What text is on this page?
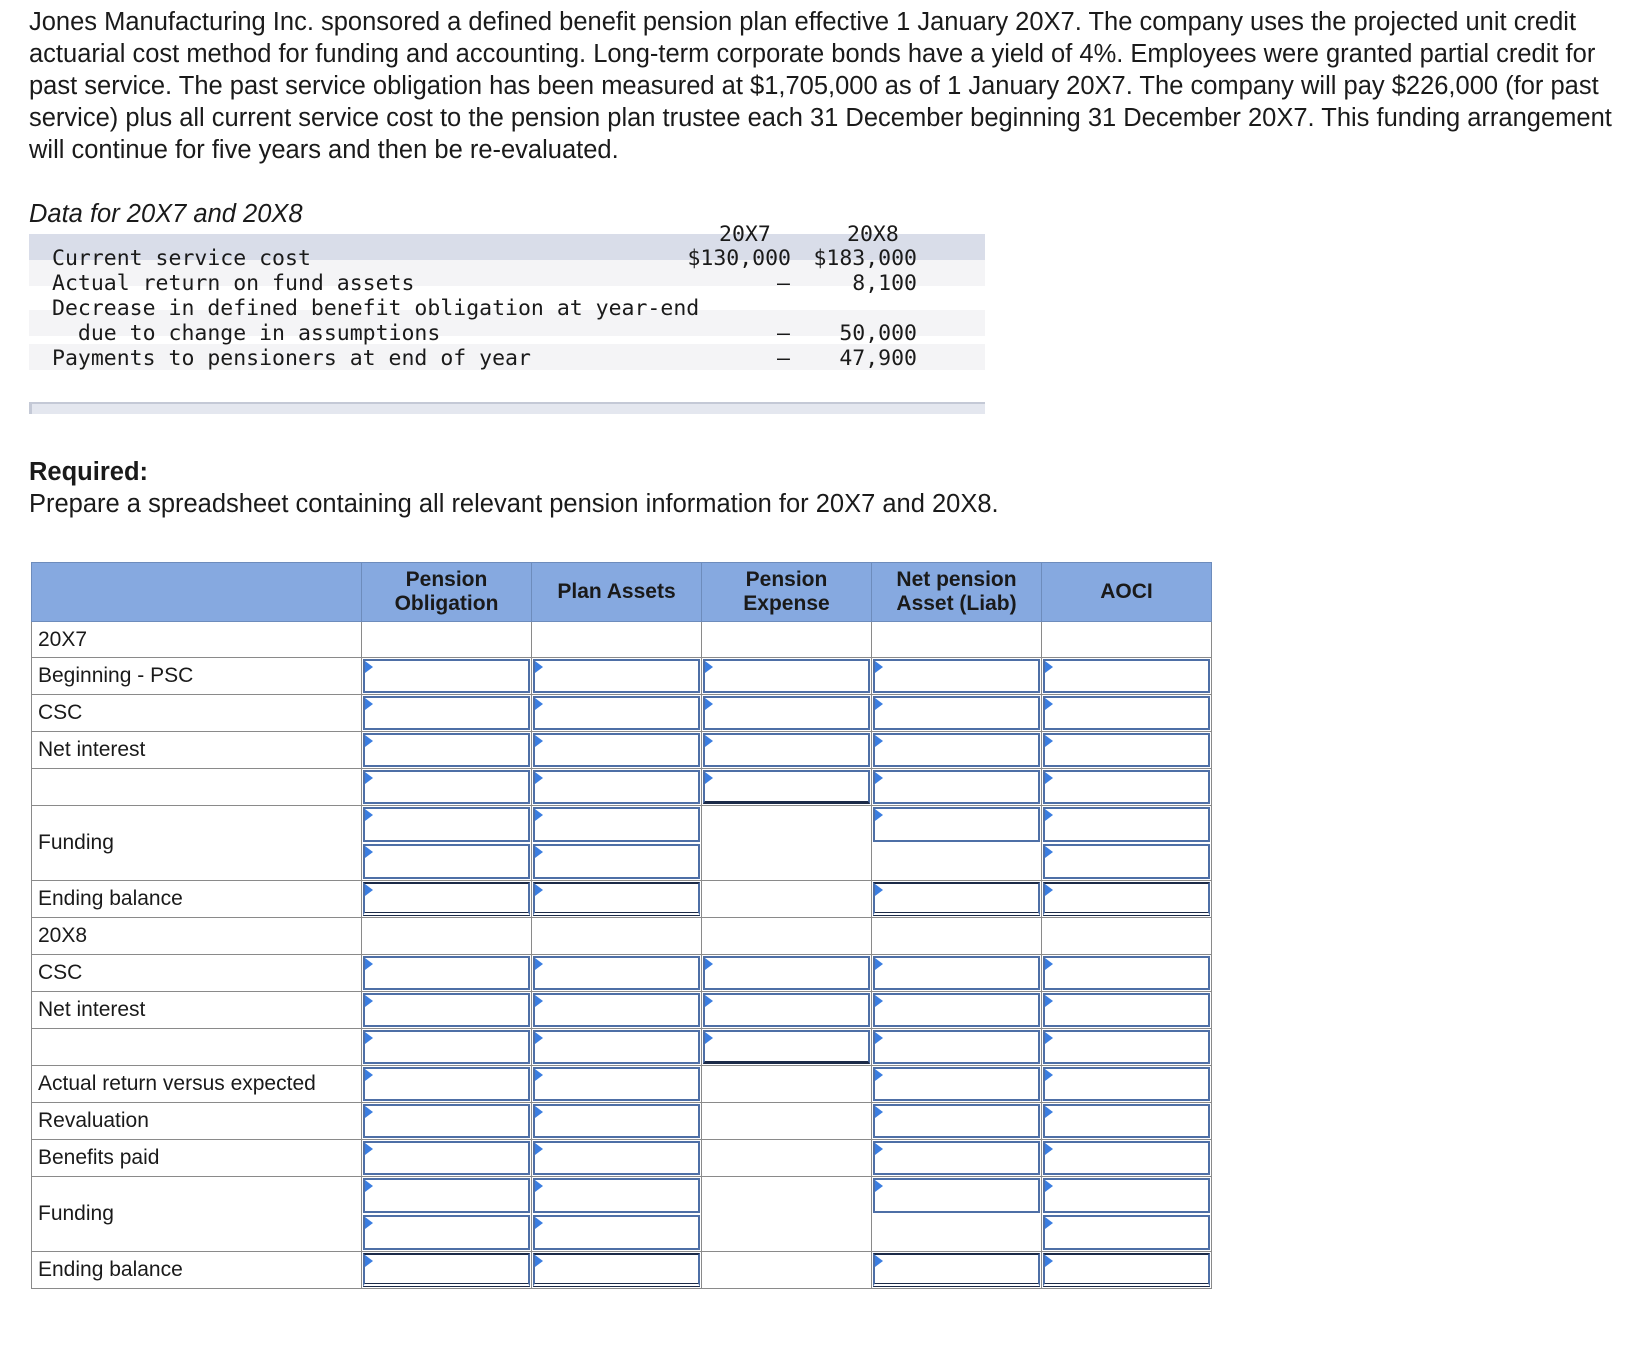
Jones Manufacturing Inc. sponsored a defined benefit pension plan effective 1 January 20X7. The company uses the projected unit credit actuarial cost method for funding and accounting. Long-term corporate bonds have a yield of 4%. Employees were granted partial credit for past service. The past service obligation has been measured at $1,705,000 as of 1 January 20X7. The company will pay $226,000 (for past service) plus all current service cost to the pension plan trustee each 31 December beginning 31 December 20X7. This funding arrangement will continue for five years and then be re-evaluated.

Data for 20X7 and 20X8

20X7	20X8
Current service cost	$130,000	$183,000
Actual return on fund assets	–	8,100
Decrease in defined benefit obligation at year-end
due to change in assumptions	–	50,000
Payments to pensioners at end of year	–	47,900

Required:

Prepare a spreadsheet containing all relevant pension information for 20X7 and 20X8.

	Pension Obligation	Plan Assets	Pension Expense	Net pension Asset (Liab)	AOCI
20X7					
Beginning - PSC	

CSC	

Net interest	

Funding	

Ending balance	

20X8					
CSC	

Net interest	

Actual return versus expected	

Revaluation	

Benefits paid	

Funding	

Ending balance	
